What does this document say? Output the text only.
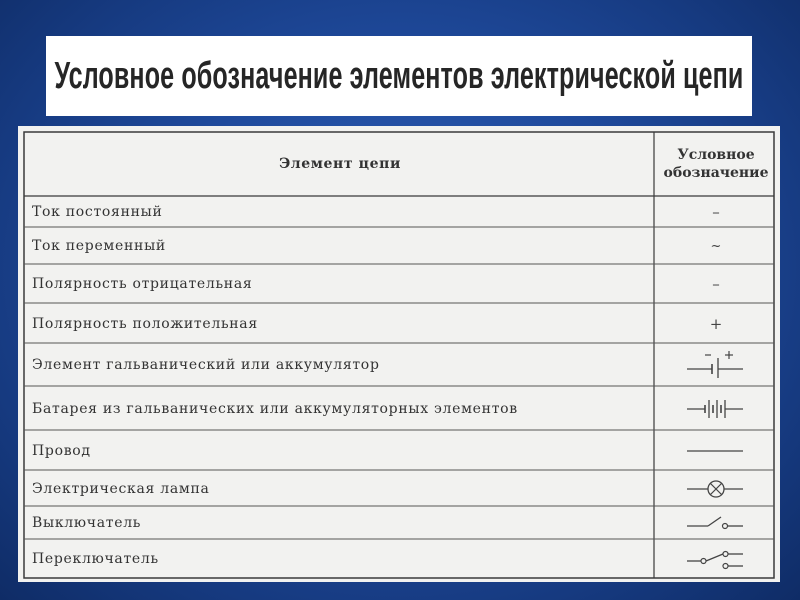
Условное обозначение элементов электрической цепи
Элемент цепи
Условное обозначение
Ток постоянный
Ток переменный
Полярность отрицательная
Полярность положительная
Элемент гальванический или аккумулятор
Батарея из гальванических или аккумуляторных элементов
Провод
Электрическая лампа
Выключатель
Переключатель
–
~
–
+
